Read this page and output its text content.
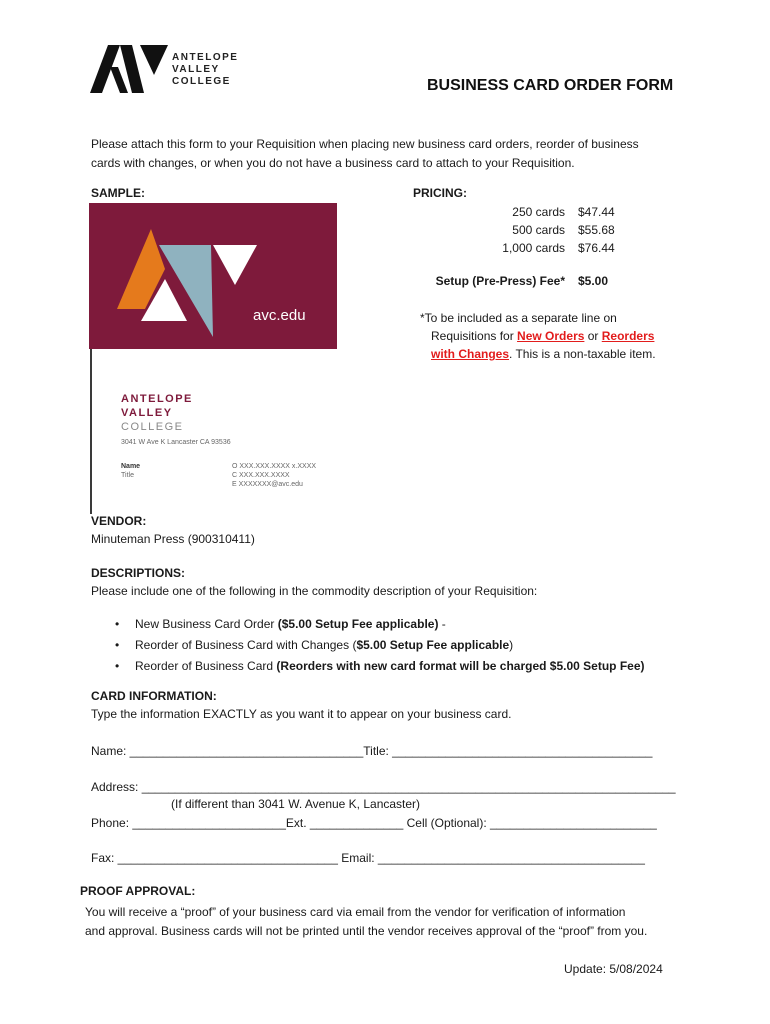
ANTELOPE
VALLEY
COLLEGE	BUSINESS CARD ORDER FORM
Please attach this form to your Requisition when placing new business card orders, reorder of business
cards with changes, or when you do not have a business card to attach to your Requisition.
SAMPLE:
avc.edu
ANTELOPE
VALLEY
COLLEGE
3041 W Ave K Lancaster CA 93536
Name
Title
O XXX.XXX.XXXX x.XXXX
C XXX.XXX.XXXX
E XXXXXXX@avc.edu
PRICING:
250 cards $47.44
500 cards $55.68
1,000 cards $76.44
Setup (Pre-Press) Fee* $5.00
*To be included as a separate line on
Requisitions for New Orders or Reorders
with Changes. This is a non-taxable item.
VENDOR:
Minuteman Press (900310411)
DESCRIPTIONS:
Please include one of the following in the commodity description of your Requisition:
• New Business Card Order ($5.00 Setup Fee applicable) -
• Reorder of Business Card with Changes ($5.00 Setup Fee applicable)
• Reorder of Business Card (Reorders with new card format will be charged $5.00 Setup Fee)
CARD INFORMATION:
Type the information EXACTLY as you want it to appear on your business card.
Name: ___________________________________Title: _______________________________________
Address: ________________________________________________________________________________
(If different than 3041 W. Avenue K, Lancaster)
Phone: _______________________Ext. ______________ Cell (Optional): _________________________
Fax: _________________________________ Email: ________________________________________
PROOF APPROVAL:
You will receive a “proof” of your business card via email from the vendor for verification of information
and approval. Business cards will not be printed until the vendor receives approval of the “proof” from you.
Update: 5/08/2024
